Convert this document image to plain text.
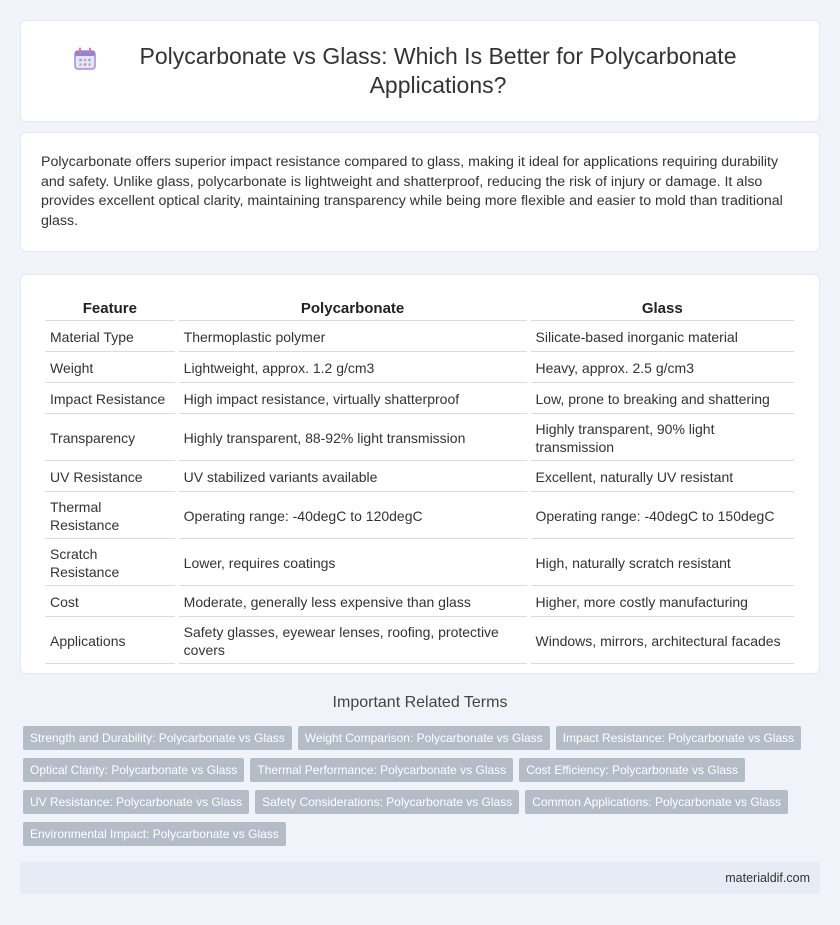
Polycarbonate vs Glass: Which Is Better for Polycarbonate Applications?

Polycarbonate offers superior impact resistance compared to glass, making it ideal for applications requiring durability and safety. Unlike glass, polycarbonate is lightweight and shatterproof, reducing the risk of injury or damage. It also provides excellent optical clarity, maintaining transparency while being more flexible and easier to mold than traditional glass.

Feature	Polycarbonate	Glass
Material Type	Thermoplastic polymer	Silicate-based inorganic material
Weight	Lightweight, approx. 1.2 g/cm3	Heavy, approx. 2.5 g/cm3
Impact Resistance	High impact resistance, virtually shatterproof	Low, prone to breaking and shattering
Transparency	Highly transparent, 88-92% light transmission	Highly transparent, 90% light transmission
UV Resistance	UV stabilized variants available	Excellent, naturally UV resistant
Thermal Resistance	Operating range: -40degC to 120degC	Operating range: -40degC to 150degC
Scratch Resistance	Lower, requires coatings	High, naturally scratch resistant
Cost	Moderate, generally less expensive than glass	Higher, more costly manufacturing
Applications	Safety glasses, eyewear lenses, roofing, protective covers	Windows, mirrors, architectural facades
Important Related Terms
Strength and Durability: Polycarbonate vs Glass	Weight Comparison: Polycarbonate vs Glass	Impact Resistance: Polycarbonate vs Glass
Optical Clarity: Polycarbonate vs Glass	Thermal Performance: Polycarbonate vs Glass	Cost Efficiency: Polycarbonate vs Glass
UV Resistance: Polycarbonate vs Glass	Safety Considerations: Polycarbonate vs Glass	Common Applications: Polycarbonate vs Glass
Environmental Impact: Polycarbonate vs Glass
materialdif.com
